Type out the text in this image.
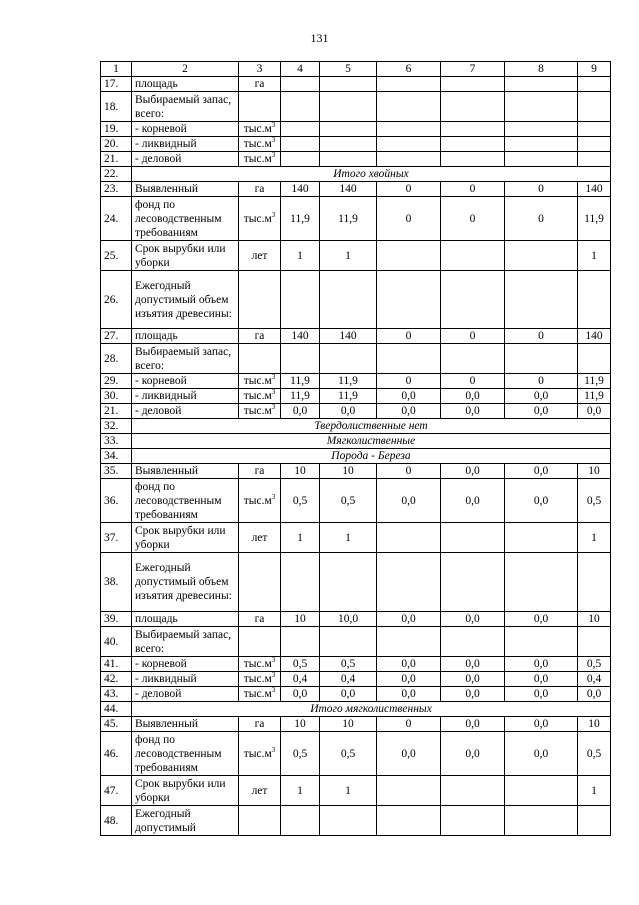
131
1	2	3	4	5	6	7	8	9
17.	площадь	га						
18.	Выбираемый запас, всего:							
19.	- корневой	$тыс.м^3$						
20.	- ликвидный	$тыс.м^3$						
21.	- деловой	$тыс.м^3$						
22.	Итого хвойных							
23.	Выявленный	га	140	140	0	0	0	140
24.	фонд по лесоводственным требованиям	$тыс.м^3$	11,9	11,9	0	0	0	11,9
25.	Срок вырубки или уборки	лет	1	1				1
26.	Ежегодный допустимый объем изъятия древесины:							
27.	площадь	га	140	140	0	0	0	140
28.	Выбираемый запас, всего:							
29.	- корневой	$тыс.м^3$	11,9	11,9	0	0	0	11,9
30.	- ликвидный	$тыс.м^3$	11,9	11,9	0,0	0,0	0,0	11,9
21.	- деловой	$тыс.м^3$	0,0	0,0	0,0	0,0	0,0	0,0
32.	Твердолиственные нет							
33.	Мягколиственные							
34.	Порода - Береза							
35.	Выявленный	га	10	10	0	0,0	0,0	10
36.	фонд по лесоводственным требованиям	$тыс.м^3$	0,5	0,5	0,0	0,0	0,0	0,5
37.	Срок вырубки или уборки	лет	1	1				1
38.	Ежегодный допустимый объем изъятия древесины:							
39.	площадь	га	10	10,0	0,0	0,0	0,0	10
40.	Выбираемый запас, всего:							
41.	- корневой	$тыс.м^3$	0,5	0,5	0,0	0,0	0,0	0,5
42.	- ликвидный	$тыс.м^3$	0,4	0,4	0,0	0,0	0,0	0,4
43.	- деловой	$тыс.м^3$	0,0	0,0	0,0	0,0	0,0	0,0
44.	Итого мягколиственных							
45.	Выявленный	га	10	10	0	0,0	0,0	10
46.	фонд по лесоводственным требованиям	$тыс.м^3$	0,5	0,5	0,0	0,0	0,0	0,5
47.	Срок вырубки или уборки	лет	1	1				1
48.	Ежегодный допустимый							
